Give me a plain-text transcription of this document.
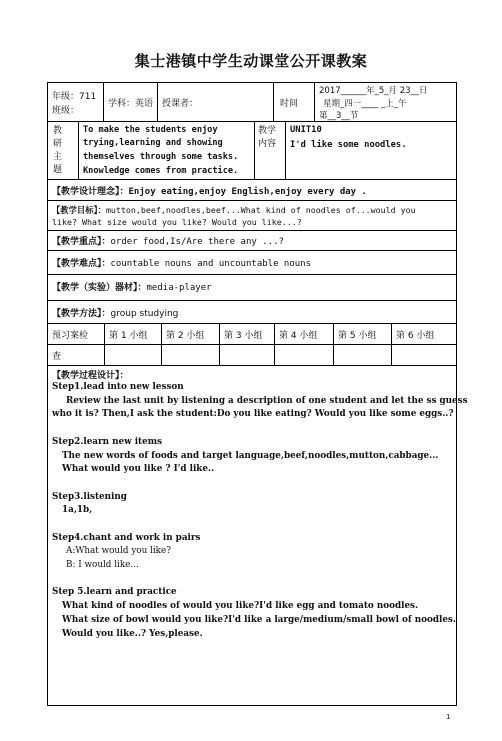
集士港镇中学生动课堂公开课教案
年级：711
班级：
学科：英语 授课者：	时间
2017______年_5_月 23__日
星期_四一____ _上_午
第__3__节
教研主题
To make the students enjoy
trying,learning and showing
themselves through some tasks.
Knowledge comes from practice.
教学内容
UNIT10
I'd like some noodles.
【教学设计理念】：Enjoy eating,enjoy English,enjoy every day .
【教学目标】：mutton,beef,noodles,beef...What kind of noodles of...would you
like? What size would you like? Would you like...?
【教学重点】：order food,Is/Are there any ...?
【教学难点】：countable nouns and uncountable nouns
【教学（实验）器材】：media-player
【教学方法】：group studying
预习案检 第 1 小组 第 2 小组 第 3 小组 第 4 小组 第 5 小组 第 6 小组
查
【教学过程设计】：
Step1.lead into new lesson
Review the last unit by listening a description of one student and let the ss guess
who it is? Then,I ask the student:Do you like eating? Would you like some eggs..?
Step2.learn new items
The new words of foods and target language,beef,noodles,mutton,cabbage...
What would you like ? I'd like..
Step3.listening
1a,1b,
Step4.chant and work in pairs
A:What would you like?
B: I would like...
Step 5.learn and practice
What kind of noodles of would you like?I'd like egg and tomato noodles.
What size of bowl would you like?I'd like a large/medium/small bowl of noodles.
Would you like..? Yes,please.
1
